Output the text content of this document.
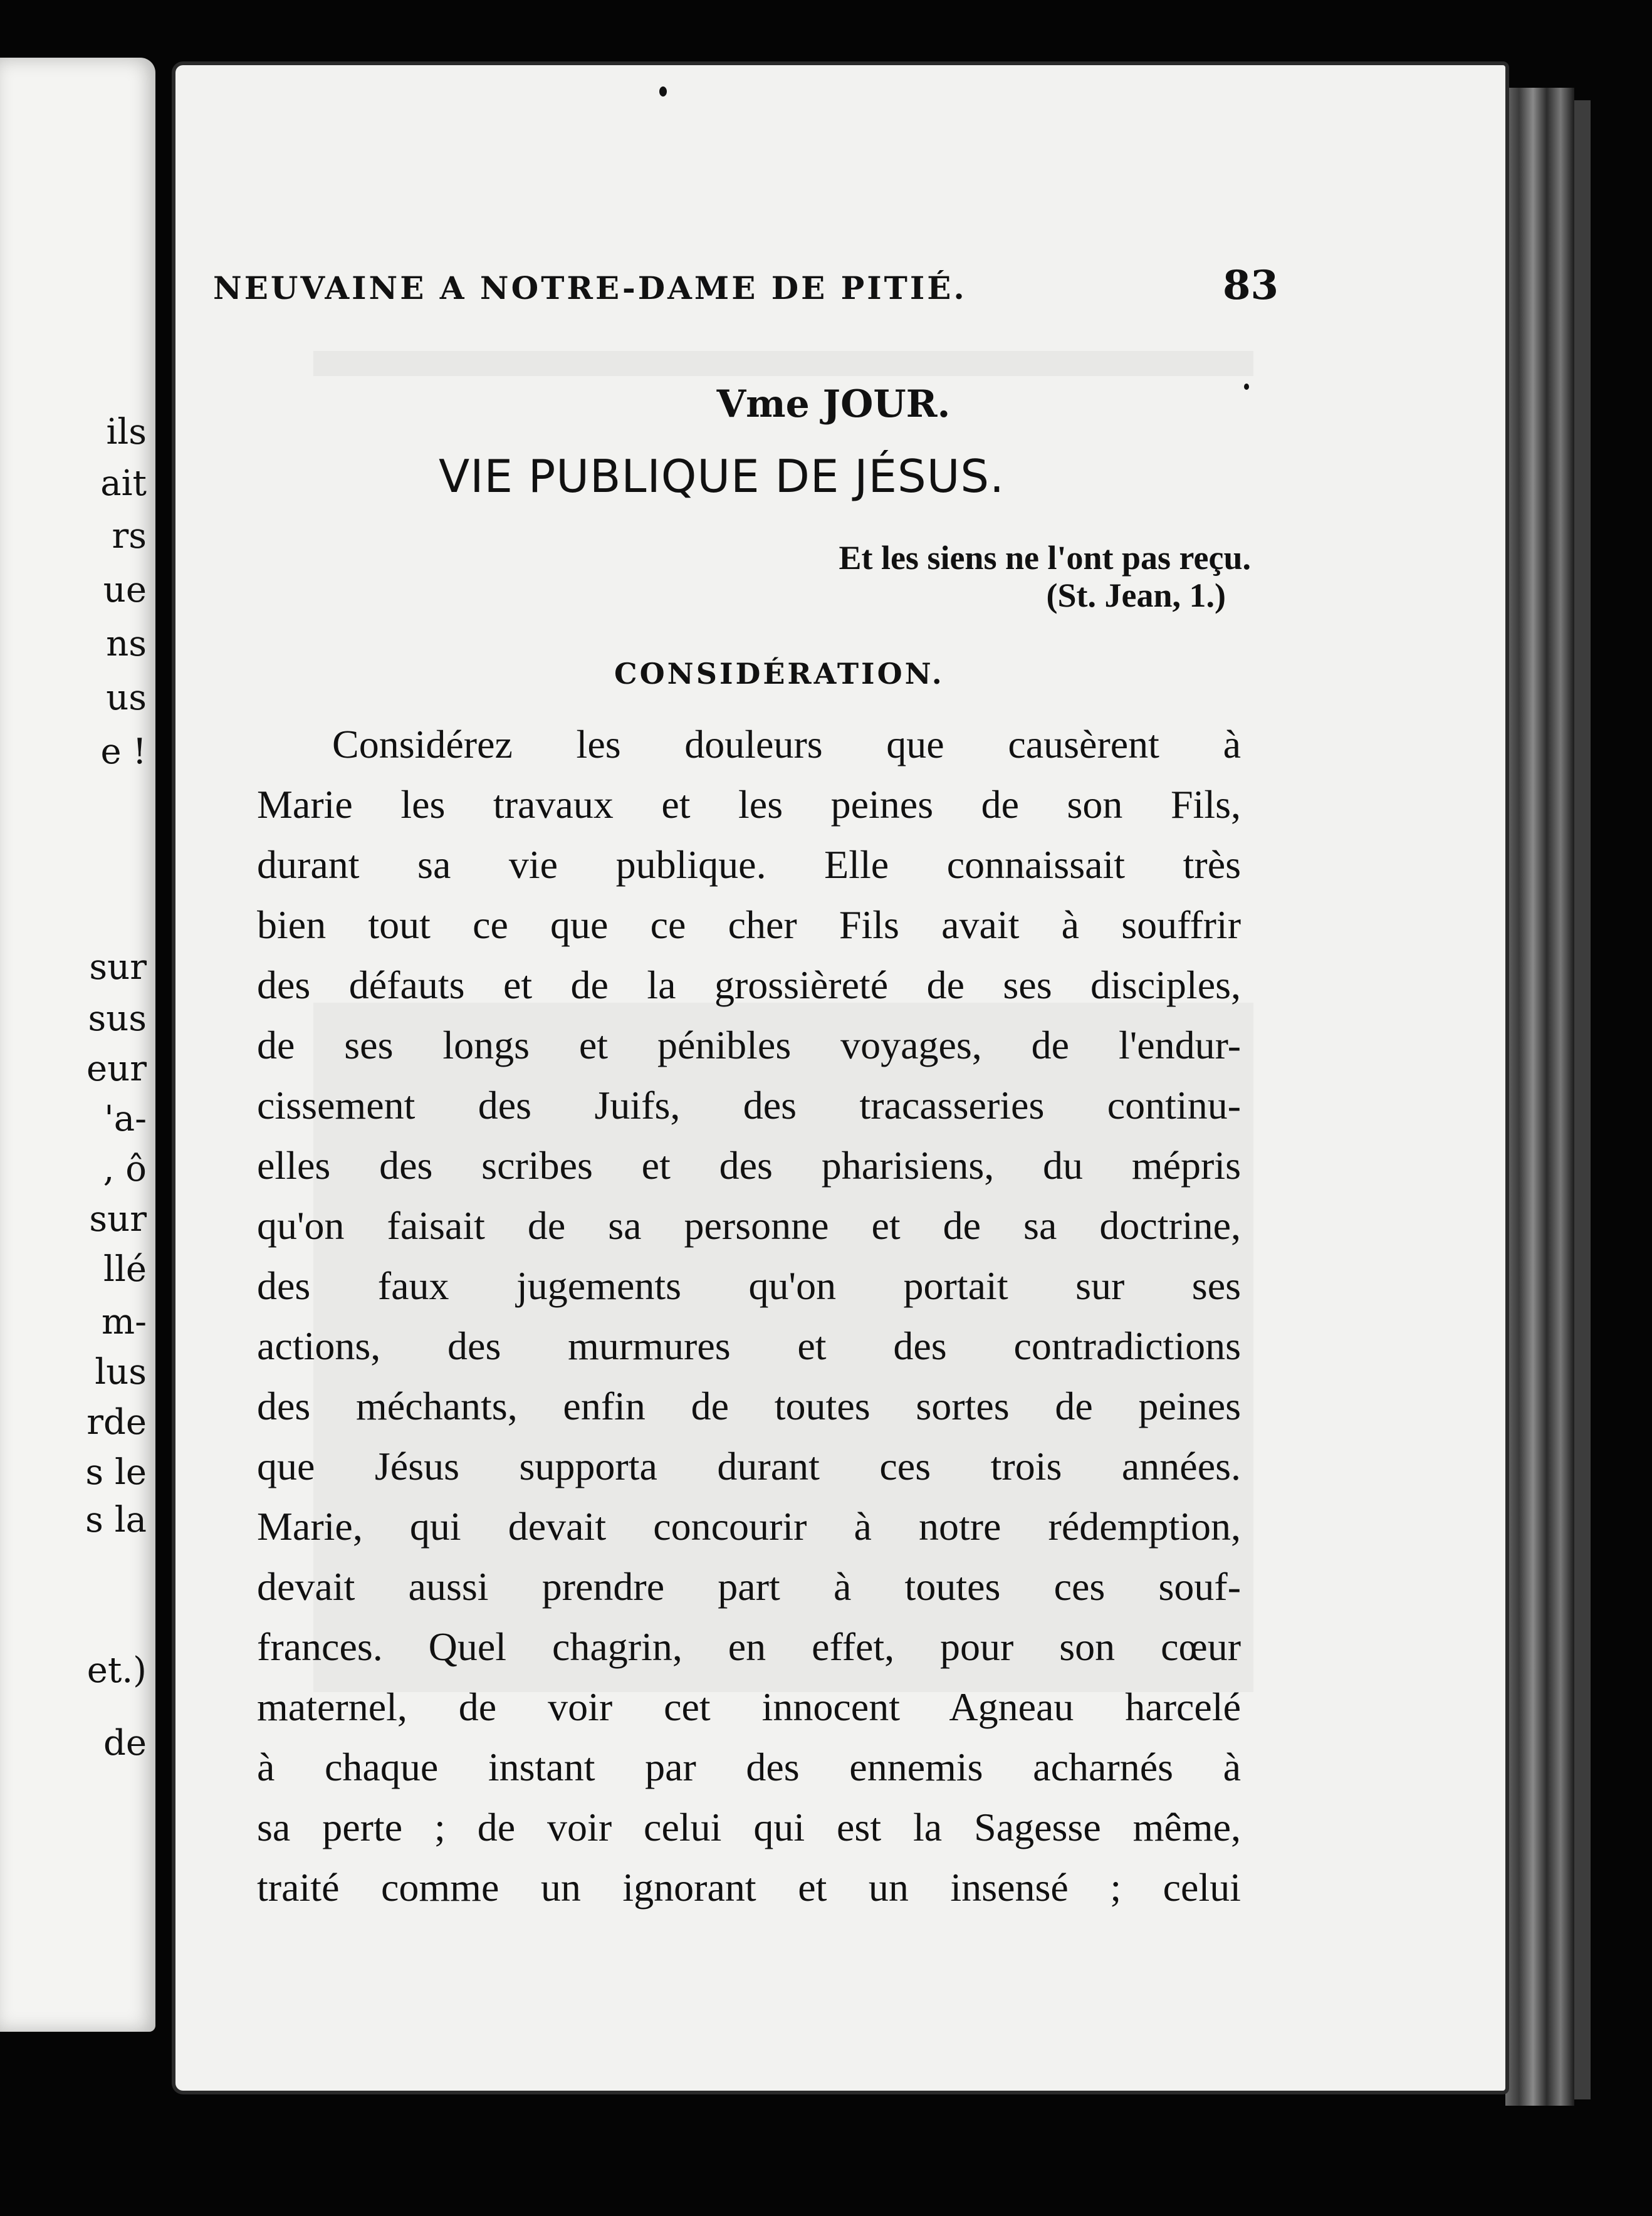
ils
ait
rs
ue
ns
us
e !
sur
sus
eur
'a-
, ô
sur
llé
m-
lus
rde
s le
s la
et.)
de
NEUVAINE A NOTRE-DAME DE PITIÉ.	83
Vme JOUR.
VIE PUBLIQUE DE JÉSUS.
Et les siens ne l'ont pas reçu.
(St. Jean, 1.)
CONSIDÉRATION.
Considérez les douleurs que causèrent à
Marie les travaux et les peines de son Fils,
durant sa vie publique. Elle connaissait très
bien tout ce que ce cher Fils avait à souffrir
des défauts et de la grossièreté de ses disciples,
de ses longs et pénibles voyages, de l'endur-
cissement des Juifs, des tracasseries continu-
elles des scribes et des pharisiens, du mépris
qu'on faisait de sa personne et de sa doctrine,
des faux jugements qu'on portait sur ses
actions, des murmures et des contradictions
des méchants, enfin de toutes sortes de peines
que Jésus supporta durant ces trois années.
Marie, qui devait concourir à notre rédemption,
devait aussi prendre part à toutes ces souf-
frances. Quel chagrin, en effet, pour son cœur
maternel, de voir cet innocent Agneau harcelé
à chaque instant par des ennemis acharnés à
sa perte ; de voir celui qui est la Sagesse même,
traité comme un ignorant et un insensé ; celui
